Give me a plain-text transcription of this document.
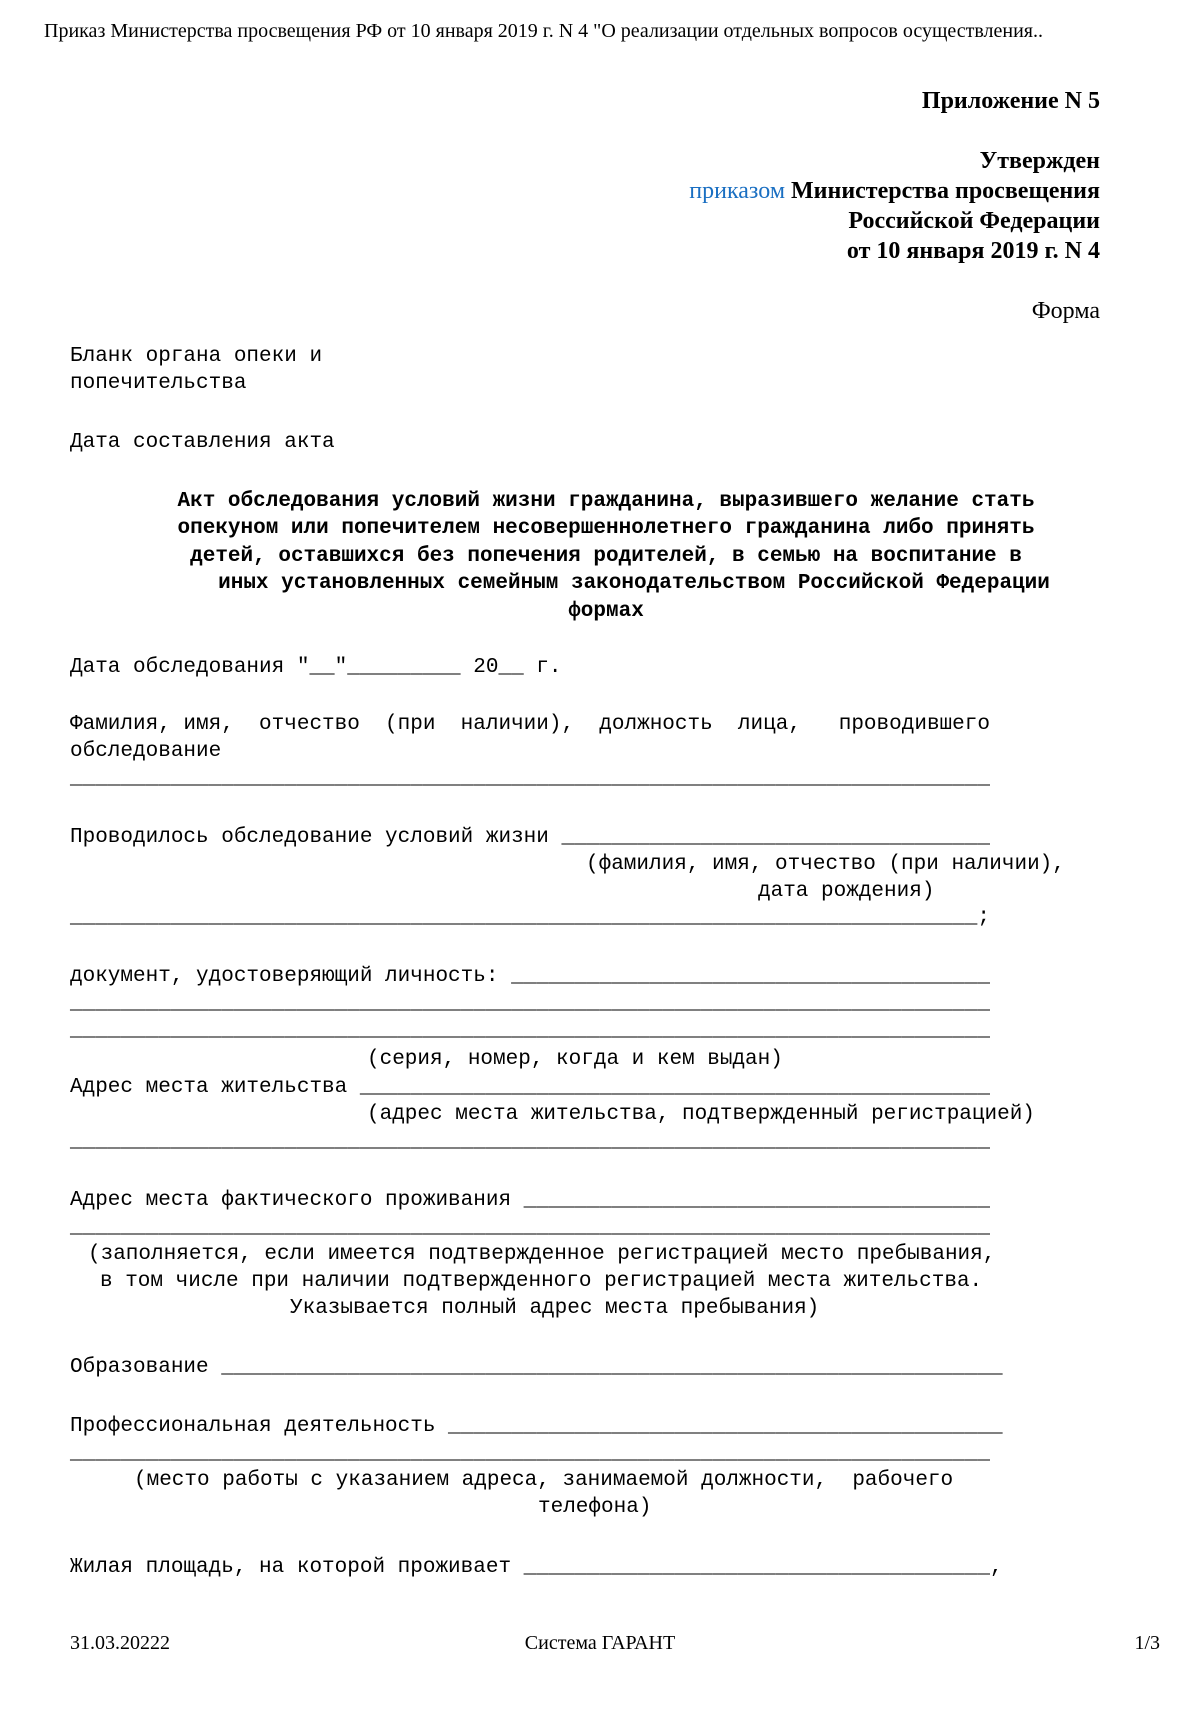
Приказ Министерства просвещения РФ от 10 января 2019 г. N 4 "О реализации отдельных вопросов осуществления..
Приложение N 5
Утвержден
приказом Министерства просвещения
Российской Федерации
от 10 января 2019 г. N 4
Форма
Бланк органа опеки и
попечительства
Дата составления акта
Акт обследования условий жизни гражданина, выразившего желание стать
опекуном или попечителем несовершеннолетнего гражданина либо принять
детей, оставшихся без попечения родителей, в семью на воспитание в
иных установленных семейным законодательством Российской Федерации
формах
Дата обследования "__"_________ 20__ г.
Фамилия, имя,  отчество  (при  наличии),  должность  лица,   проводившего
обследование
_________________________________________________________________________
Проводилось обследование условий жизни __________________________________
(фамилия, имя, отчество (при наличии),
дата рождения)
________________________________________________________________________;
документ, удостоверяющий личность: ______________________________________
_________________________________________________________________________
_________________________________________________________________________
(серия, номер, когда и кем выдан)
Адрес места жительства __________________________________________________
(адрес места жительства, подтвержденный регистрацией)
_________________________________________________________________________
Адрес места фактического проживания _____________________________________
_________________________________________________________________________
(заполняется, если имеется подтвержденное регистрацией место пребывания,
в том числе при наличии подтвержденного регистрацией места жительства.
Указывается полный адрес места пребывания)
Образование ______________________________________________________________
Профессиональная деятельность ____________________________________________
_________________________________________________________________________
(место работы с указанием адреса, занимаемой должности,  рабочего
телефона)
Жилая площадь, на которой проживает _____________________________________,
31.03.20222	Система ГАРАНТ	1/3
